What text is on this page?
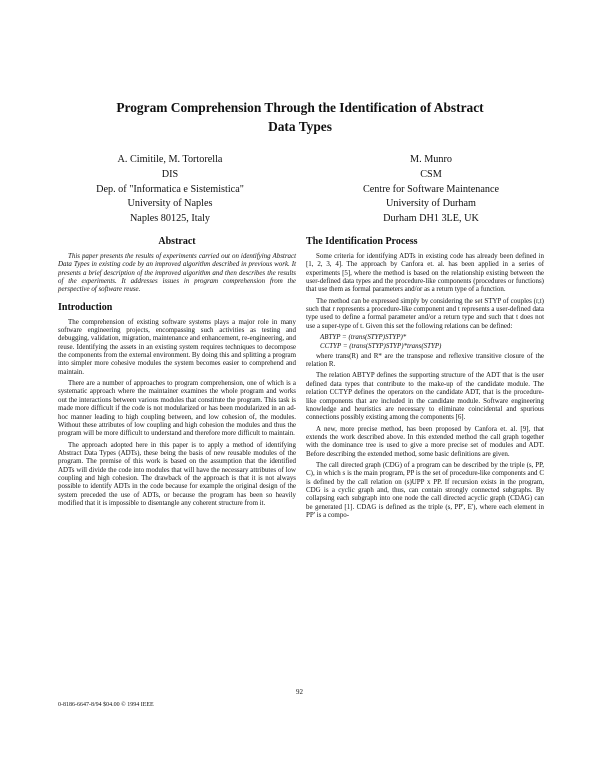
Program Comprehension Through the Identification of Abstract
Data Types
A. Cimitile, M. Tortorella
DIS
Dep. of "Informatica e Sistemistica"
University of Naples
Naples 80125, Italy
M. Munro
CSM
Centre for Software Maintenance
University of Durham
Durham DH1 3LE, UK
Abstract

This paper presents the results of experiments carried out on identifying Abstract Data Types in existing code by an improved algorithm described in previous work. It presents a brief description of the improved algorithm and then describes the results of the experiments. It addresses issues in program comprehension from the perspective of software reuse.

Introduction

The comprehension of existing software systems plays a major role in many software engineering projects, encompassing such activities as testing and debugging, validation, migration, maintenance and enhancement, re-engineering, and reuse. Identifying the assets in an existing system requires techniques to decompose the components from the external environment. By doing this and splitting a program into simpler more cohesive modules the system becomes easier to comprehend and maintain.

There are a number of approaches to program comprehension, one of which is a systematic approach where the maintainer examines the whole program and works out the interactions between various modules that constitute the program. This task is made more difficult if the code is not modularized or has been modularized in an ad-hoc manner leading to high coupling between, and low cohesion of, the modules. Without these attributes of low coupling and high cohesion the modules and thus the program will be more difficult to understand and therefore more difficult to maintain.

The approach adopted here in this paper is to apply a method of identifying Abstract Data Types (ADTs), these being the basis of new reusable modules of the program. The premise of this work is based on the assumption that the identified ADTs will divide the code into modules that will have the necessary attributes of low coupling and high cohesion. The drawback of the approach is that it is not always possible to identify ADTs in the code because for example the original design of the system preceded the use of ADTs, or because the program has been so heavily modified that it is impossible to disentangle any coherent structure from it.

The Identification Process

Some criteria for identifying ADTs in existing code has already been defined in [1, 2, 3, 4]. The approach by Canfora et. al. has been applied in a series of experiments [5], where the method is based on the relationship existing between the user-defined data types and the procedure-like components (procedures or functions) that use them as formal parameters and/or as a return type of a function.

The method can be expressed simply by considering the set STYP of couples (r,t) such that r represents a procedure-like component and t represents a user-defined data type used to define a formal parameter and/or a return type and such that t does not use a super-type of t. Given this set the following relations can be defined:

ABTYP = (trans(STYP)STYP)*
CCTYP = (trans(STYP)STYP)*trans(STYP)

where trans(R) and R* are the transpose and reflexive transitive closure of the relation R.

The relation ABTYP defines the supporting structure of the ADT that is the user defined data types that contribute to the make-up of the candidate module. The relation CCTYP defines the operators on the candidate ADT, that is the procedure-like components that are included in the candidate module. Software engineering knowledge and heuristics are necessary to eliminate coincidental and spurious connections possibly existing among the components [6].

A new, more precise method, has been proposed by Canfora et. al. [9], that extends the work described above. In this extended method the call graph together with the dominance tree is used to give a more precise set of modules and ADT. Before describing the extended method, some basic definitions are given.

The call directed graph (CDG) of a program can be described by the triple (s, PP, C), in which s is the main program, PP is the set of procedure-like components and C is defined by the call relation on (s)UPP x PP. If recursion exists in the program, CDG is a cyclic graph and, thus, can contain strongly connected subgraphs. By collapsing each subgraph into one node the call directed acyclic graph (CDAG) can be generated [1]. CDAG is defined as the triple (s, PP', E'), where each element in PP' is a compo-

92
0-8186-6647-8/94 $04.00 © 1994 IEEE
